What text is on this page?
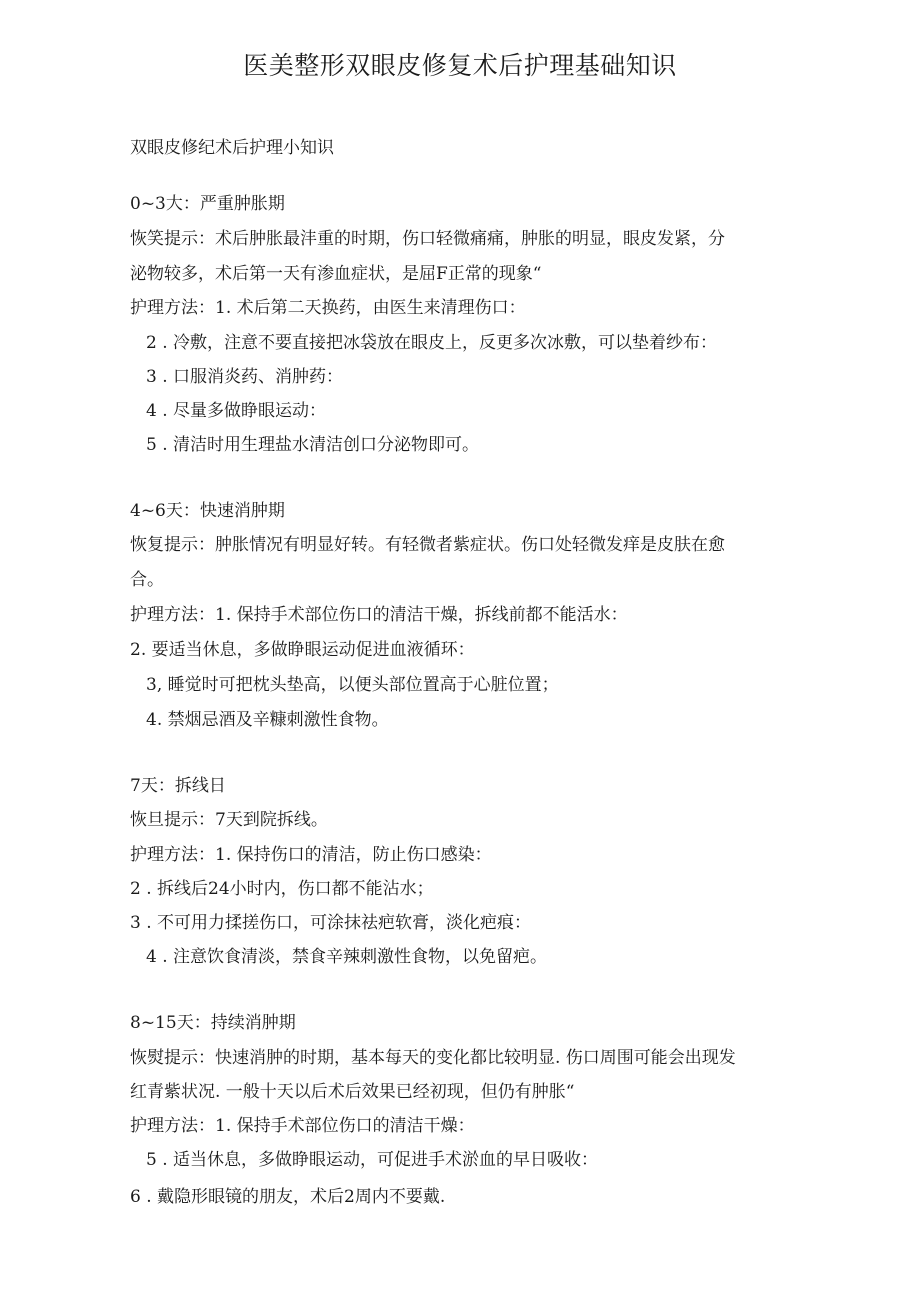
医美整形双眼皮修复术后护理基础知识
双眼皮修纪术后护理小知识
0~3大：严重肿胀期
恢笑提示：术后肿胀最沣重的时期，伤口轻微痛痛，肿胀的明显，眼皮发紧，分
泌物较多，术后第一天有渗血症状，是屈F正常的现象“
护理方法：1. 术后第二天换药，由医生来清理伤口：
2 . 冷敷，注意不要直接把冰袋放在眼皮上，反更多次冰敷，可以垫着纱布：
3 . 口服消炎药、消肿药：
4 . 尽量多做睁眼运动：
5 . 清洁时用生理盐水清洁创口分泌物即可。
4~6天：快速消肿期
恢复提示：肿胀情况有明显好转。有轻微者紫症状。伤口处轻微发痒是皮肤在愈
合。
护理方法：1. 保持手术部位伤口的清洁干燥，拆线前都不能活水：
2. 要适当休息，多做睁眼运动促进血液循环：
3, 睡觉时可把枕头垫高，以便头部位置高于心脏位置；
4. 禁烟忌酒及辛糠刺激性食物。
7天：拆线日
恢旦提示：7天到院拆线。
护理方法：1. 保持伤口的清洁，防止伤口感染：
2 . 拆线后24小时内，伤口都不能沾水；
3 . 不可用力揉搓伤口，可涂抹祛疤软膏，淡化疤痕：
4 . 注意饮食清淡，禁食辛辣刺激性食物，以免留疤。
8~15天：持续消肿期
恢熨提示：快速消肿的时期，基本每天的变化都比较明显. 伤口周围可能会出现发
红青紫状况. 一般十天以后术后效果已经初现，但仍有肿胀“
护理方法：1. 保持手术部位伤口的清洁干燥：
5 . 适当休息，多做睁眼运动，可促进手术淤血的早日吸收：
6 . 戴隐形眼镜的朋友，术后2周内不要戴.
